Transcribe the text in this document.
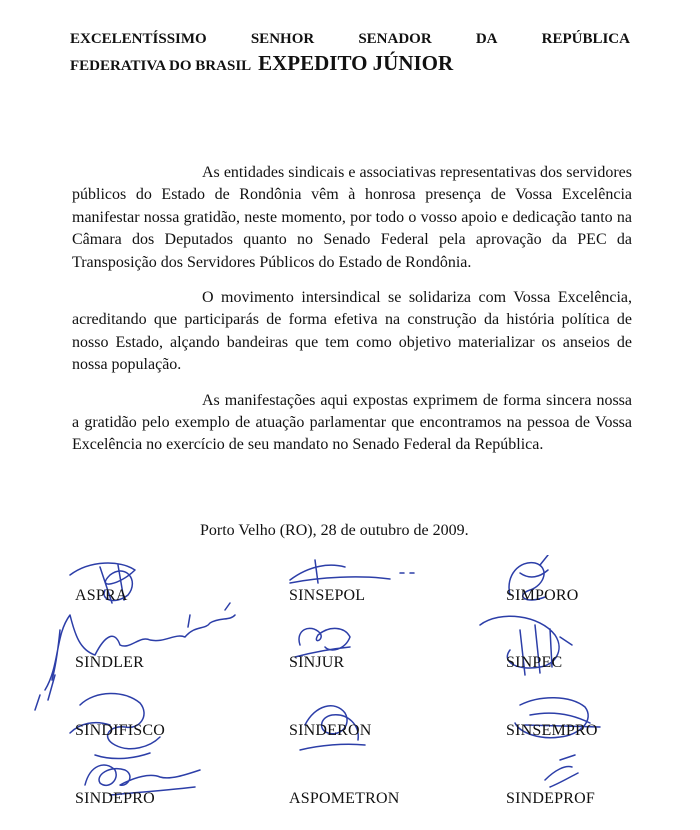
EXCELENTÍSSIMO	SENHOR	SENADOR	DA	REPÚBLICA
FEDERATIVA DO BRASIL EXPEDITO JÚNIOR

As entidades sindicais e associativas representativas dos servidores públicos do Estado de Rondônia vêm à honrosa presença de Vossa Excelência manifestar nossa gratidão, neste momento, por todo o vosso apoio e dedicação tanto na Câmara dos Deputados quanto no Senado Federal pela aprovação da PEC da Transposição dos Servidores Públicos do Estado de Rondônia.

O movimento intersindical se solidariza com Vossa Excelência, acreditando que participarás de forma efetiva na construção da história política de nosso Estado, alçando bandeiras que tem como objetivo materializar os anseios de nossa população.

As manifestações aqui expostas exprimem de forma sincera nossa a gratidão pelo exemplo de atuação parlamentar que encontramos na pessoa de Vossa Excelência no exercício de seu mandato no Senado Federal da República.

Porto Velho (RO), 28 de outubro de 2009.
ASPRA	SINSEPOL	SIMPORO
SINDLER	SINJUR	SINPEC
SINDIFISCO	SINDERON	SINSEMPRO
SINDEPRO	ASPOMETRON	SINDEPROF
